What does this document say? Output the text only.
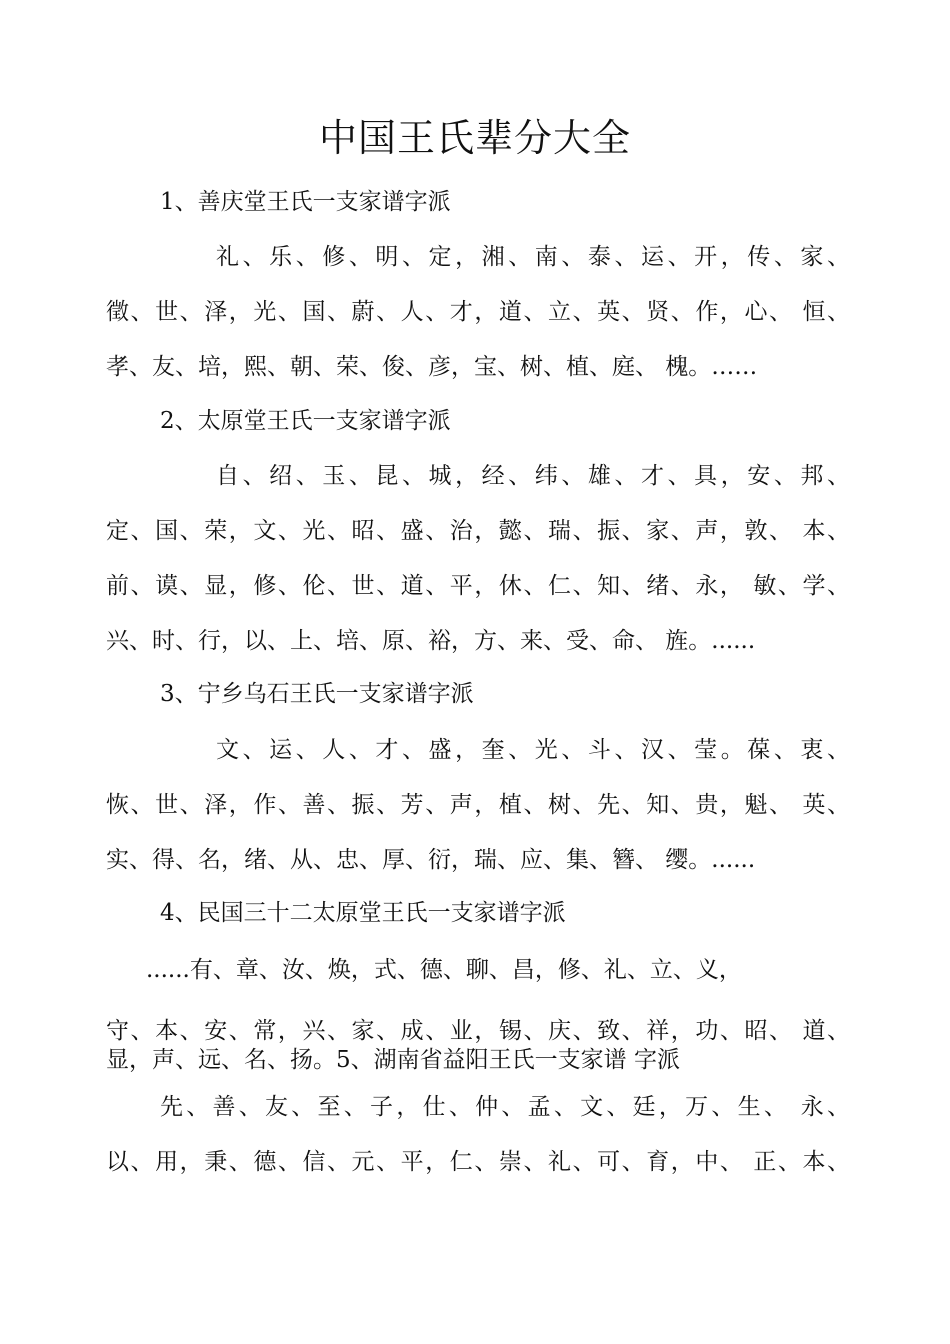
中国王氏辈分大全
1、善庆堂王氏一支家谱字派
礼、乐、修、明、定，湘、南、泰、运、开，传、家、
徵、世、泽，光、国、蔚、人、才，道、立、英、贤、作，心、 恒、
孝、友、培，熙、朝、荣、俊、彦，宝、树、植、庭、 槐。……
2、太原堂王氏一支家谱字派
自、绍、玉、昆、城，经、纬、雄、才、具，安、邦、
定、国、荣，文、光、昭、盛、治，懿、瑞、振、家、声，敦、 本、
前、谟、显，修、伦、世、道、平，休、仁、知、绪、永， 敏、学、
兴、时、行，以、上、培、原、裕，方、来、受、命、 旌。......
3、宁乡乌石王氏一支家谱字派
文、运、人、才、盛，奎、光、斗、汉、莹。葆、衷、
恢、世、泽，作、善、振、芳、声，植、树、先、知、贵，魁、 英、
实、得、名，绪、从、忠、厚、衍，瑞、应、集、簪、 缨。......
4、民国三十二太原堂王氏一支家谱字派
......有、章、汝、焕，式、德、聊、昌，修、礼、立、义，
守、本、安、常，兴、家、成、业，锡、庆、致、祥，功、昭、 道、
显，声、远、名、扬。5、湖南省益阳王氏一支家谱 字派
先、善、友、至、子，仕、仲、孟、文、廷，万、生、 永、
以、用，秉、德、信、元、平，仁、崇、礼、可、育，中、 正、本、
